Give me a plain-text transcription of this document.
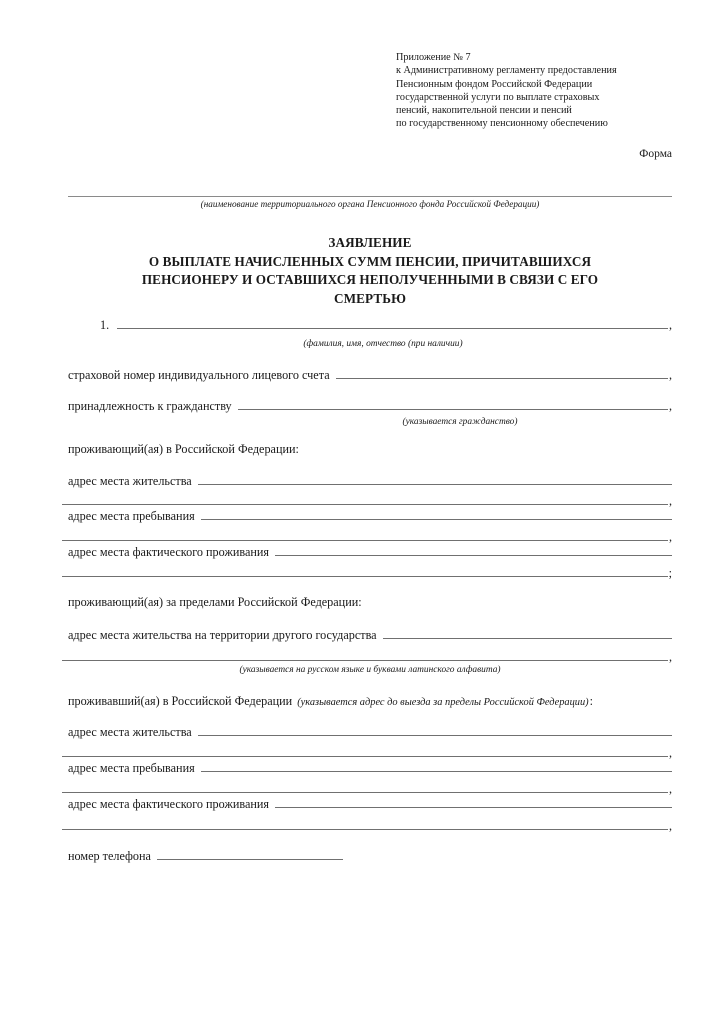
Приложение № 7
к Административному регламенту предоставления
Пенсионным фондом Российской Федерации
государственной услуги по выплате страховых
пенсий, накопительной пенсии и пенсий
по государственному пенсионному обеспечению
Форма
(наименование территориального органа Пенсионного фонда Российской Федерации)
ЗАЯВЛЕНИЕ
О ВЫПЛАТЕ НАЧИСЛЕННЫХ СУММ ПЕНСИИ, ПРИЧИТАВШИХСЯ
ПЕНСИОНЕРУ И ОСТАВШИХСЯ НЕПОЛУЧЕННЫМИ В СВЯЗИ С ЕГО
СМЕРТЬЮ
1.	,
(фамилия, имя, отчество (при наличии)
страховой номер индивидуального лицевого счета	,
принадлежность к гражданству	,
(указывается гражданство)
проживающий(ая) в Российской Федерации:
адрес места жительства
,
адрес места пребывания
,
адрес места фактического проживания
;
проживающий(ая) за пределами Российской Федерации:
адрес места жительства на территории другого государства
,
(указывается на русском языке и буквами латинского алфавита)
проживавший(ая) в Российской Федерации (указывается адрес до выезда за пределы Российской Федерации) :
адрес места жительства
,
адрес места пребывания
,
адрес места фактического проживания
,
номер телефона
